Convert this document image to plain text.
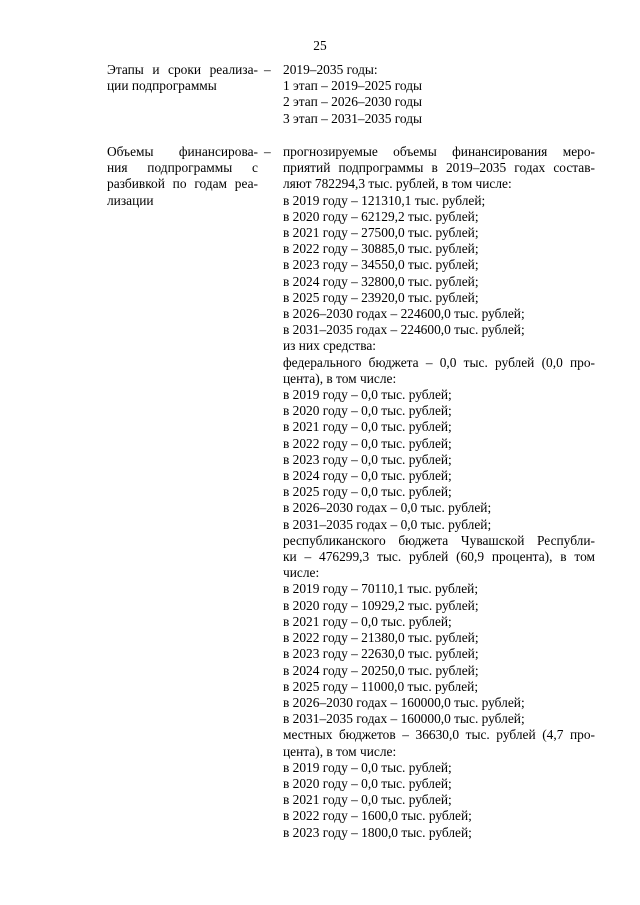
25
Этапы и сроки реализа-
ции подпрограммы
– 2019–2035 годы:
1 этап – 2019–2025 годы
2 этап – 2026–2030 годы
3 этап – 2031–2035 годы
Объемы финансирова-
ния подпрограммы с
разбивкой по годам реа-
лизации
– прогнозируемые объемы финансирования меро-
приятий подпрограммы в 2019–2035 годах состав-
ляют 782294,3 тыс. рублей, в том числе:
в 2019 году – 121310,1 тыс. рублей;
в 2020 году – 62129,2 тыс. рублей;
в 2021 году – 27500,0 тыс. рублей;
в 2022 году – 30885,0 тыс. рублей;
в 2023 году – 34550,0 тыс. рублей;
в 2024 году – 32800,0 тыс. рублей;
в 2025 году – 23920,0 тыс. рублей;
в 2026–2030 годах – 224600,0 тыс. рублей;
в 2031–2035 годах – 224600,0 тыс. рублей;
из них средства:
федерального бюджета – 0,0 тыс. рублей (0,0 про-
цента), в том числе:
в 2019 году – 0,0 тыс. рублей;
в 2020 году – 0,0 тыс. рублей;
в 2021 году – 0,0 тыс. рублей;
в 2022 году – 0,0 тыс. рублей;
в 2023 году – 0,0 тыс. рублей;
в 2024 году – 0,0 тыс. рублей;
в 2025 году – 0,0 тыс. рублей;
в 2026–2030 годах – 0,0 тыс. рублей;
в 2031–2035 годах – 0,0 тыс. рублей;
республиканского бюджета Чувашской Республи-
ки – 476299,3 тыс. рублей (60,9 процента), в том
числе:
в 2019 году – 70110,1 тыс. рублей;
в 2020 году – 10929,2 тыс. рублей;
в 2021 году – 0,0 тыс. рублей;
в 2022 году – 21380,0 тыс. рублей;
в 2023 году – 22630,0 тыс. рублей;
в 2024 году – 20250,0 тыс. рублей;
в 2025 году – 11000,0 тыс. рублей;
в 2026–2030 годах – 160000,0 тыс. рублей;
в 2031–2035 годах – 160000,0 тыс. рублей;
местных бюджетов – 36630,0 тыс. рублей (4,7 про-
цента), в том числе:
в 2019 году – 0,0 тыс. рублей;
в 2020 году – 0,0 тыс. рублей;
в 2021 году – 0,0 тыс. рублей;
в 2022 году – 1600,0 тыс. рублей;
в 2023 году – 1800,0 тыс. рублей;
